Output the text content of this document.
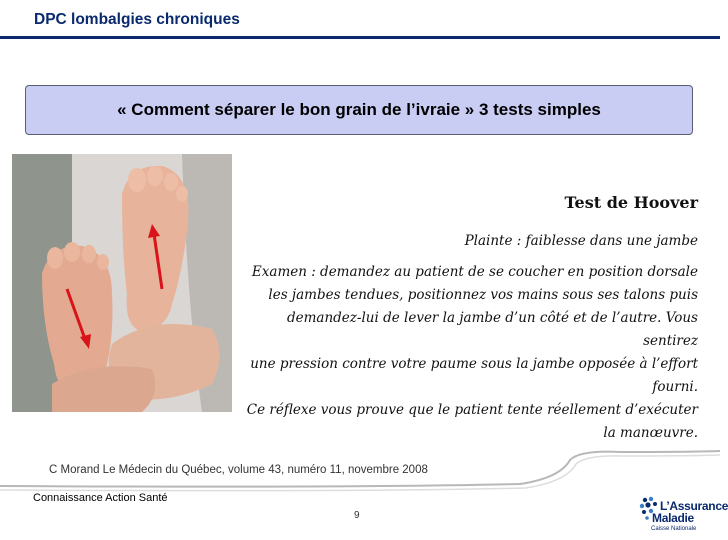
DPC lombalgies chroniques
« Comment séparer le bon grain de l’ivraie » 3 tests simples
Test de Hoover
Plainte : faiblesse dans une jambe
Examen : demandez au patient de se coucher en position dorsale
les jambes tendues, positionnez vos mains sous ses talons puis
demandez-lui de lever la jambe d’un côté et de l’autre. Vous sentirez
une pression contre votre paume sous la jambe opposée à l’effort fourni.
Ce réflexe vous prouve que le patient tente réellement d’exécuter la manœuvre.
C Morand Le Médecin du Québec, volume 43, numéro 11, novembre 2008
Connaissance Action Santé
9
L’Assurance
Maladie
Caisse Nationale
